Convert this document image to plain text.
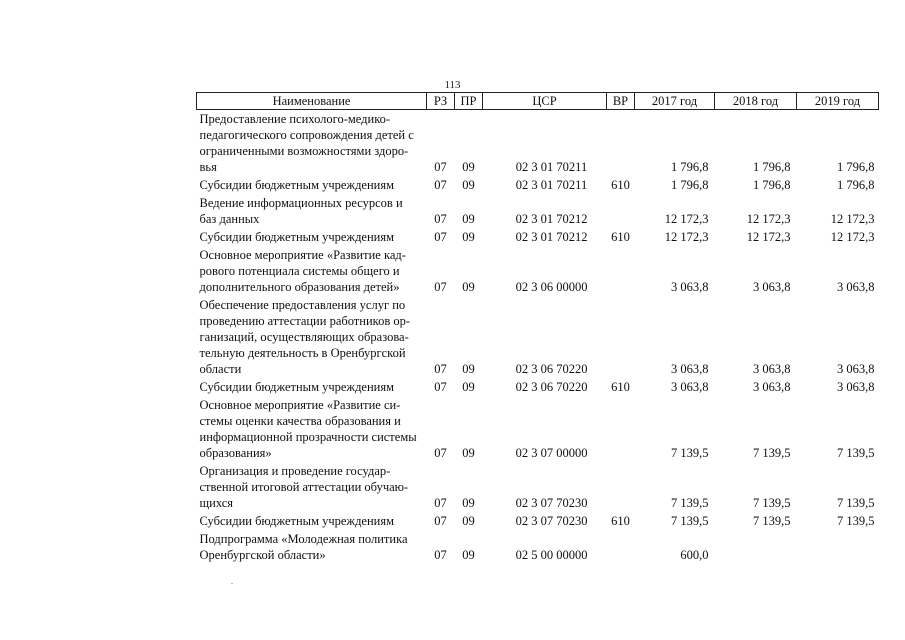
113
Наименование	РЗ	ПР	ЦСР	ВР	2017 год	2018 год	2019 год

Предоставление психолого-медико-
педагогического сопровождения детей с
ограниченными возможностями здоро-
вья	07	09	02 3 01 70211		1 796,8	1 796,8	1 796,8

Субсидии бюджетным учреждениям	07	09	02 3 01 70211	610	1 796,8	1 796,8	1 796,8

Ведение информационных ресурсов и
баз данных	07	09	02 3 01 70212		12 172,3	12 172,3	12 172,3

Субсидии бюджетным учреждениям	07	09	02 3 01 70212	610	12 172,3	12 172,3	12 172,3

Основное мероприятие «Развитие кад-
рового потенциала системы общего и
дополнительного образования детей»	07	09	02 3 06 00000		3 063,8	3 063,8	3 063,8

Обеспечение предоставления услуг по
проведению аттестации работников ор-
ганизаций, осуществляющих образова-
тельную деятельность в Оренбургской
области	07	09	02 3 06 70220		3 063,8	3 063,8	3 063,8

Субсидии бюджетным учреждениям	07	09	02 3 06 70220	610	3 063,8	3 063,8	3 063,8

Основное мероприятие «Развитие си-
стемы оценки качества образования и
информационной прозрачности системы
образования»	07	09	02 3 07 00000		7 139,5	7 139,5	7 139,5

Организация и проведение государ-
ственной итоговой аттестации обучаю-
щихся	07	09	02 3 07 70230		7 139,5	7 139,5	7 139,5

Субсидии бюджетным учреждениям	07	09	02 3 07 70230	610	7 139,5	7 139,5	7 139,5

Подпрограмма «Молодежная политика
Оренбургской области»	07	09	02 5 00 00000		600,0		
